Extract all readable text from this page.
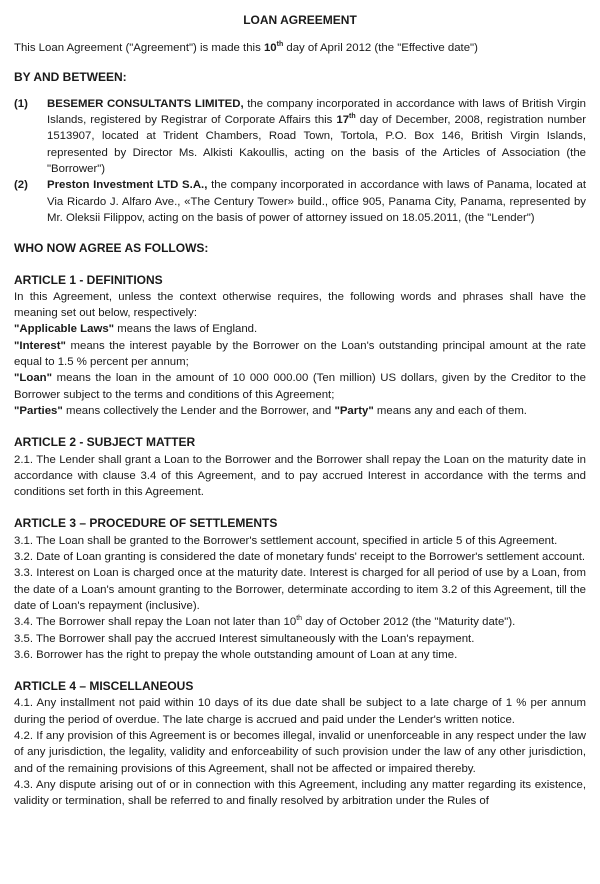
LOAN AGREEMENT

This Loan Agreement ("Agreement") is made this 10th day of April 2012 (the "Effective date")

BY AND BETWEEN:
(1)	BESEMER CONSULTANTS LIMITED, the company incorporated in accordance with laws of British Virgin Islands, registered by Registrar of Corporate Affairs this 17th day of December, 2008, registration number 1513907, located at Trident Chambers, Road Town, Tortola, P.O. Box 146, British Virgin Islands, represented by Director Ms. Alkisti Kakoullis, acting on the basis of the Articles of Association (the "Borrower")
(2)	Preston Investment LTD S.A., the company incorporated in accordance with laws of Panama, located at Via Ricardo J. Alfaro Ave., «The Century Tower» build., office 905, Panama City, Panama, represented by Mr. Oleksii Filippov, acting on the basis of power of attorney issued on 18.05.2011, (the "Lender")
WHO NOW AGREE AS FOLLOWS:
ARTICLE 1 - DEFINITIONS

In this Agreement, unless the context otherwise requires, the following words and phrases shall have the meaning set out below, respectively:

"Applicable Laws" means the laws of England.

"Interest" means the interest payable by the Borrower on the Loan's outstanding principal amount at the rate equal to 1.5 % percent per annum;

"Loan" means the loan in the amount of 10 000 000.00 (Ten million) US dollars, given by the Creditor to the Borrower subject to the terms and conditions of this Agreement;

"Parties" means collectively the Lender and the Borrower, and "Party" means any and each of them.

ARTICLE 2 - SUBJECT MATTER

2.1. The Lender shall grant a Loan to the Borrower and the Borrower shall repay the Loan on the maturity date in accordance with clause 3.4 of this Agreement, and to pay accrued Interest in accordance with the terms and conditions set forth in this Agreement.

ARTICLE 3 – PROCEDURE OF SETTLEMENTS

3.1. The Loan shall be granted to the Borrower's settlement account, specified in article 5 of this Agreement.

3.2. Date of Loan granting is considered the date of monetary funds' receipt to the Borrower's settlement account.

3.3. Interest on Loan is charged once at the maturity date. Interest is charged for all period of use by a Loan, from the date of a Loan's amount granting to the Borrower, determinate according to item 3.2 of this Agreement, till the date of Loan's repayment (inclusive).

3.4. The Borrower shall repay the Loan not later than 10th day of October 2012 (the "Maturity date").

3.5. The Borrower shall pay the accrued Interest simultaneously with the Loan's repayment.

3.6. Borrower has the right to prepay the whole outstanding amount of Loan at any time.

ARTICLE 4 – MISCELLANEOUS

4.1. Any installment not paid within 10 days of its due date shall be subject to a late charge of 1 % per annum during the period of overdue. The late charge is accrued and paid under the Lender's written notice.

4.2. If any provision of this Agreement is or becomes illegal, invalid or unenforceable in any respect under the law of any jurisdiction, the legality, validity and enforceability of such provision under the law of any other jurisdiction, and of the remaining provisions of this Agreement, shall not be affected or impaired thereby.

4.3. Any dispute arising out of or in connection with this Agreement, including any matter regarding its existence, validity or termination, shall be referred to and finally resolved by arbitration under the Rules of
